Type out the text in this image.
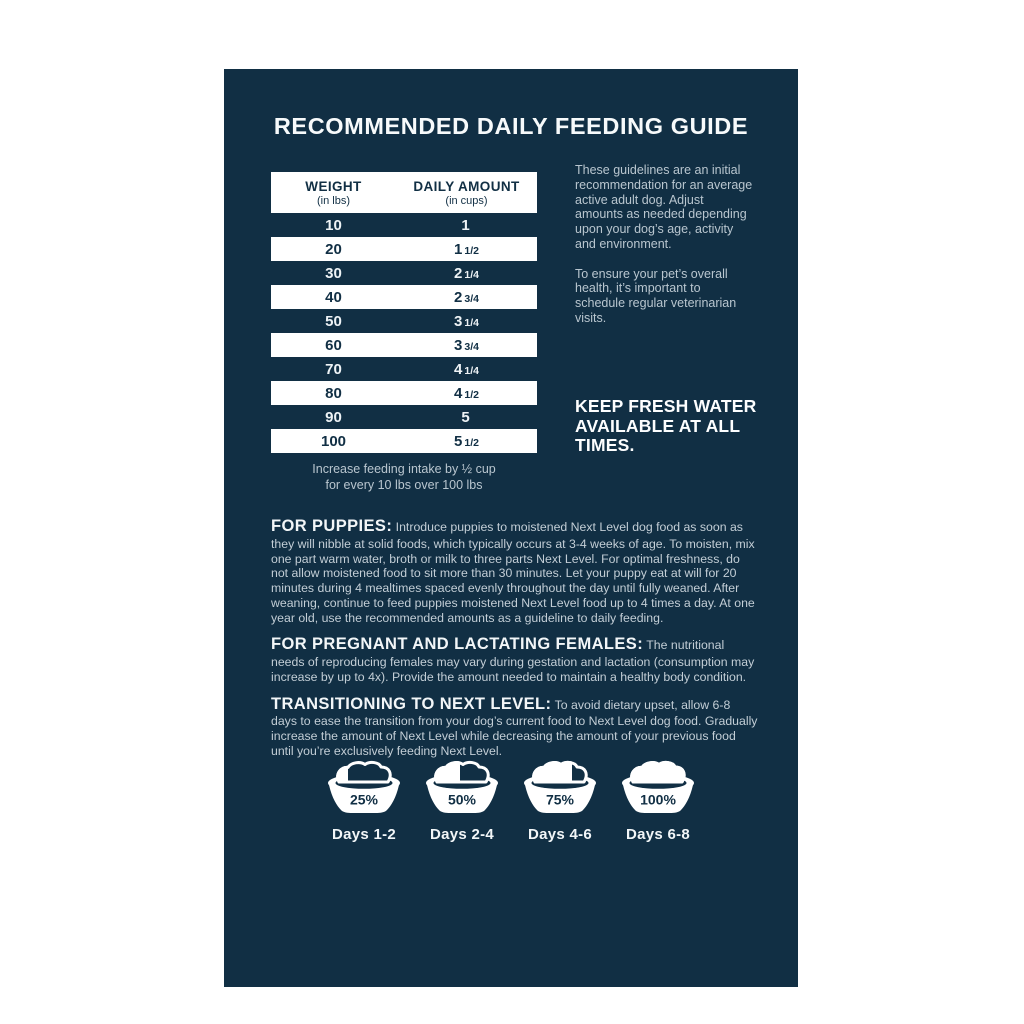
RECOMMENDED DAILY FEEDING GUIDE
WEIGHT
(in lbs)
DAILY AMOUNT
(in cups)
10	1
20	1 1/2
30	2 1/4
40	2 3/4
50	3 1/4
60	3 3/4
70	4 1/4
80	4 1/2
90	5
100	5 1/2
Increase feeding intake by ½ cup
for every 10 lbs over 100 lbs

These guidelines are an initial recommendation for an average active adult dog. Adjust amounts as needed depending upon your dog’s age, activity and environment.

To ensure your pet’s overall health, it’s important to schedule regular veterinarian visits.

KEEP FRESH WATER AVAILABLE AT ALL TIMES.

FOR PUPPIES: Introduce puppies to moistened Next Level dog food as soon as they will nibble at solid foods, which typically occurs at 3-4 weeks of age. To moisten, mix one part warm water, broth or milk to three parts Next Level. For optimal freshness, do not allow moistened food to sit more than 30 minutes. Let your puppy eat at will for 20 minutes during 4 mealtimes spaced evenly throughout the day until fully weaned. After weaning, continue to feed puppies moistened Next Level food up to 4 times a day. At one year old, use the recommended amounts as a guideline to daily feeding.

FOR PREGNANT AND LACTATING FEMALES: The nutritional needs of reproducing females may vary during gestation and lactation (consumption may increase by up to 4x). Provide the amount needed to maintain a healthy body condition.

TRANSITIONING TO NEXT LEVEL: To avoid dietary upset, allow 6-8 days to ease the transition from your dog’s current food to Next Level dog food. Gradually increase the amount of Next Level while decreasing the amount of your previous food until you’re exclusively feeding Next Level.

25%
Days 1-2
50%
Days 2-4
75%
Days 4-6
100%
Days 6-8
